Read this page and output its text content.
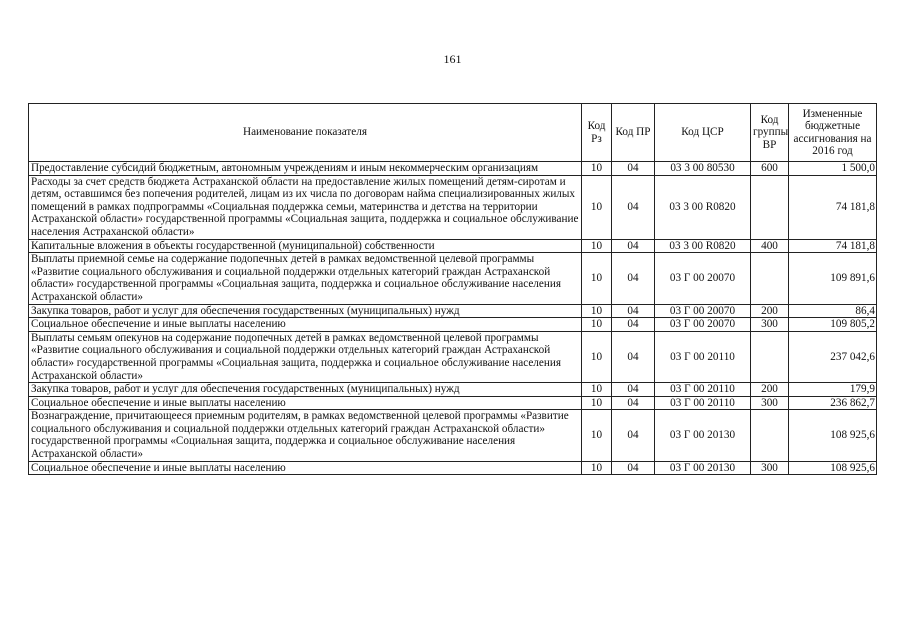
161
Наименование показателя	Код Рз	Код ПР	Код ЦСР	Код группы ВР	Измененные бюджетные ассигнования на 2016 год
Предоставление субсидий бюджетным, автономным учреждениям и иным некоммерческим организациям	10	04	03 3 00 80530	600	1 500,0
Расходы за счет средств бюджета Астраханской области на предоставление жилых помещений детям-сиротам и детям, оставшимся без попечения родителей, лицам из их числа по договорам найма специализированных жилых помещений в рамках подпрограммы «Социальная поддержка семьи, материнства и детства на территории Астраханской области» государственной программы «Социальная защита, поддержка и социальное обслуживание населения Астраханской области»	10	04	03 3 00 R0820		74 181,8
Капитальные вложения в объекты государственной (муниципальной) собственности	10	04	03 3 00 R0820	400	74 181,8
Выплаты приемной семье на содержание подопечных детей в рамках ведомственной целевой программы «Развитие социального обслуживания и социальной поддержки отдельных категорий граждан Астраханской области» государственной программы «Социальная защита, поддержка и социальное обслуживание населения Астраханской области»	10	04	03 Г 00 20070		109 891,6
Закупка товаров, работ и услуг для обеспечения государственных (муниципальных) нужд	10	04	03 Г 00 20070	200	86,4
Социальное обеспечение и иные выплаты населению	10	04	03 Г 00 20070	300	109 805,2
Выплаты семьям опекунов на содержание подопечных детей в рамках ведомственной целевой программы «Развитие социального обслуживания и социальной поддержки отдельных категорий граждан Астраханской области» государственной программы «Социальная защита, поддержка и социальное обслуживание населения Астраханской области»	10	04	03 Г 00 20110		237 042,6
Закупка товаров, работ и услуг для обеспечения государственных (муниципальных) нужд	10	04	03 Г 00 20110	200	179,9
Социальное обеспечение и иные выплаты населению	10	04	03 Г 00 20110	300	236 862,7
Вознаграждение, причитающееся приемным родителям, в рамках ведомственной целевой программы «Развитие социального обслуживания и социальной поддержки отдельных категорий граждан Астраханской области» государственной программы «Социальная защита, поддержка и социальное обслуживание населения Астраханской области»	10	04	03 Г 00 20130		108 925,6
Социальное обеспечение и иные выплаты населению	10	04	03 Г 00 20130	300	108 925,6
